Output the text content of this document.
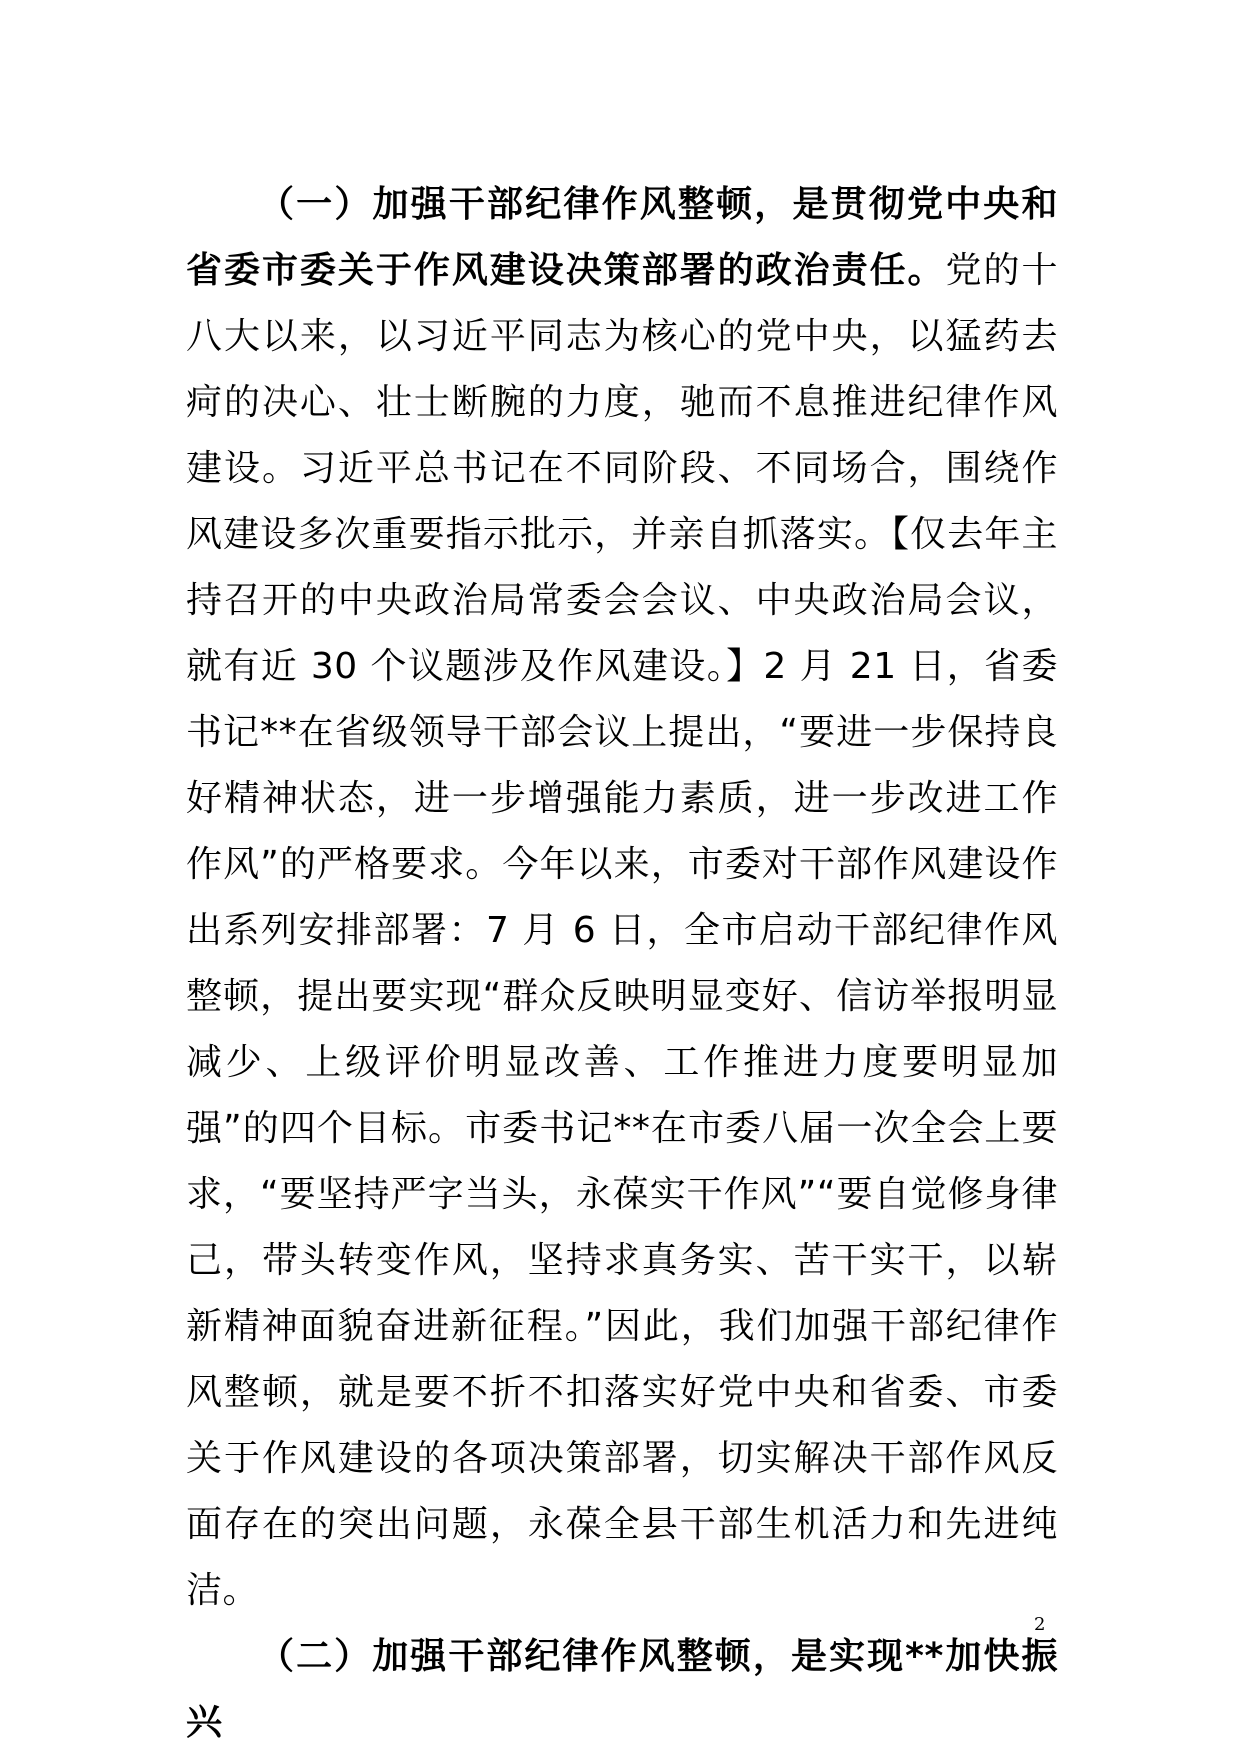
（一）加强干部纪律作风整顿，是贯彻党中央和省委市委关于作风建设决策部署的政治责任。党的十八大以来，以习近平同志为核心的党中央，以猛药去疴的决心、壮士断腕的力度，驰而不息推进纪律作风建设。习近平总书记在不同阶段、不同场合，围绕作风建设多次重要指示批示，并亲自抓落实。【仅去年主持召开的中央政治局常委会会议、中央政治局会议，就有近 30 个议题涉及作风建设。】2 月 21 日，省委书记**在省级领导干部会议上提出，“要进一步保持良好精神状态，进一步增强能力素质，进一步改进工作作风”的严格要求。今年以来，市委对干部作风建设作出系列安排部署：7 月 6 日，全市启动干部纪律作风整顿，提出要实现“群众反映明显变好、信访举报明显减少、上级评价明显改善、工作推进力度要明显加强”的四个目标。市委书记**在市委八届一次全会上要求，“要坚持严字当头，永葆实干作风”“要自觉修身律己，带头转变作风，坚持求真务实、苦干实干，以崭新精神面貌奋进新征程。”因此，我们加强干部纪律作风整顿，就是要不折不扣落实好党中央和省委、市委关于作风建设的各项决策部署，切实解决干部作风反面存在的突出问题，永葆全县干部生机活力和先进纯洁。

（二）加强干部纪律作风整顿，是实现**加快振兴

2
